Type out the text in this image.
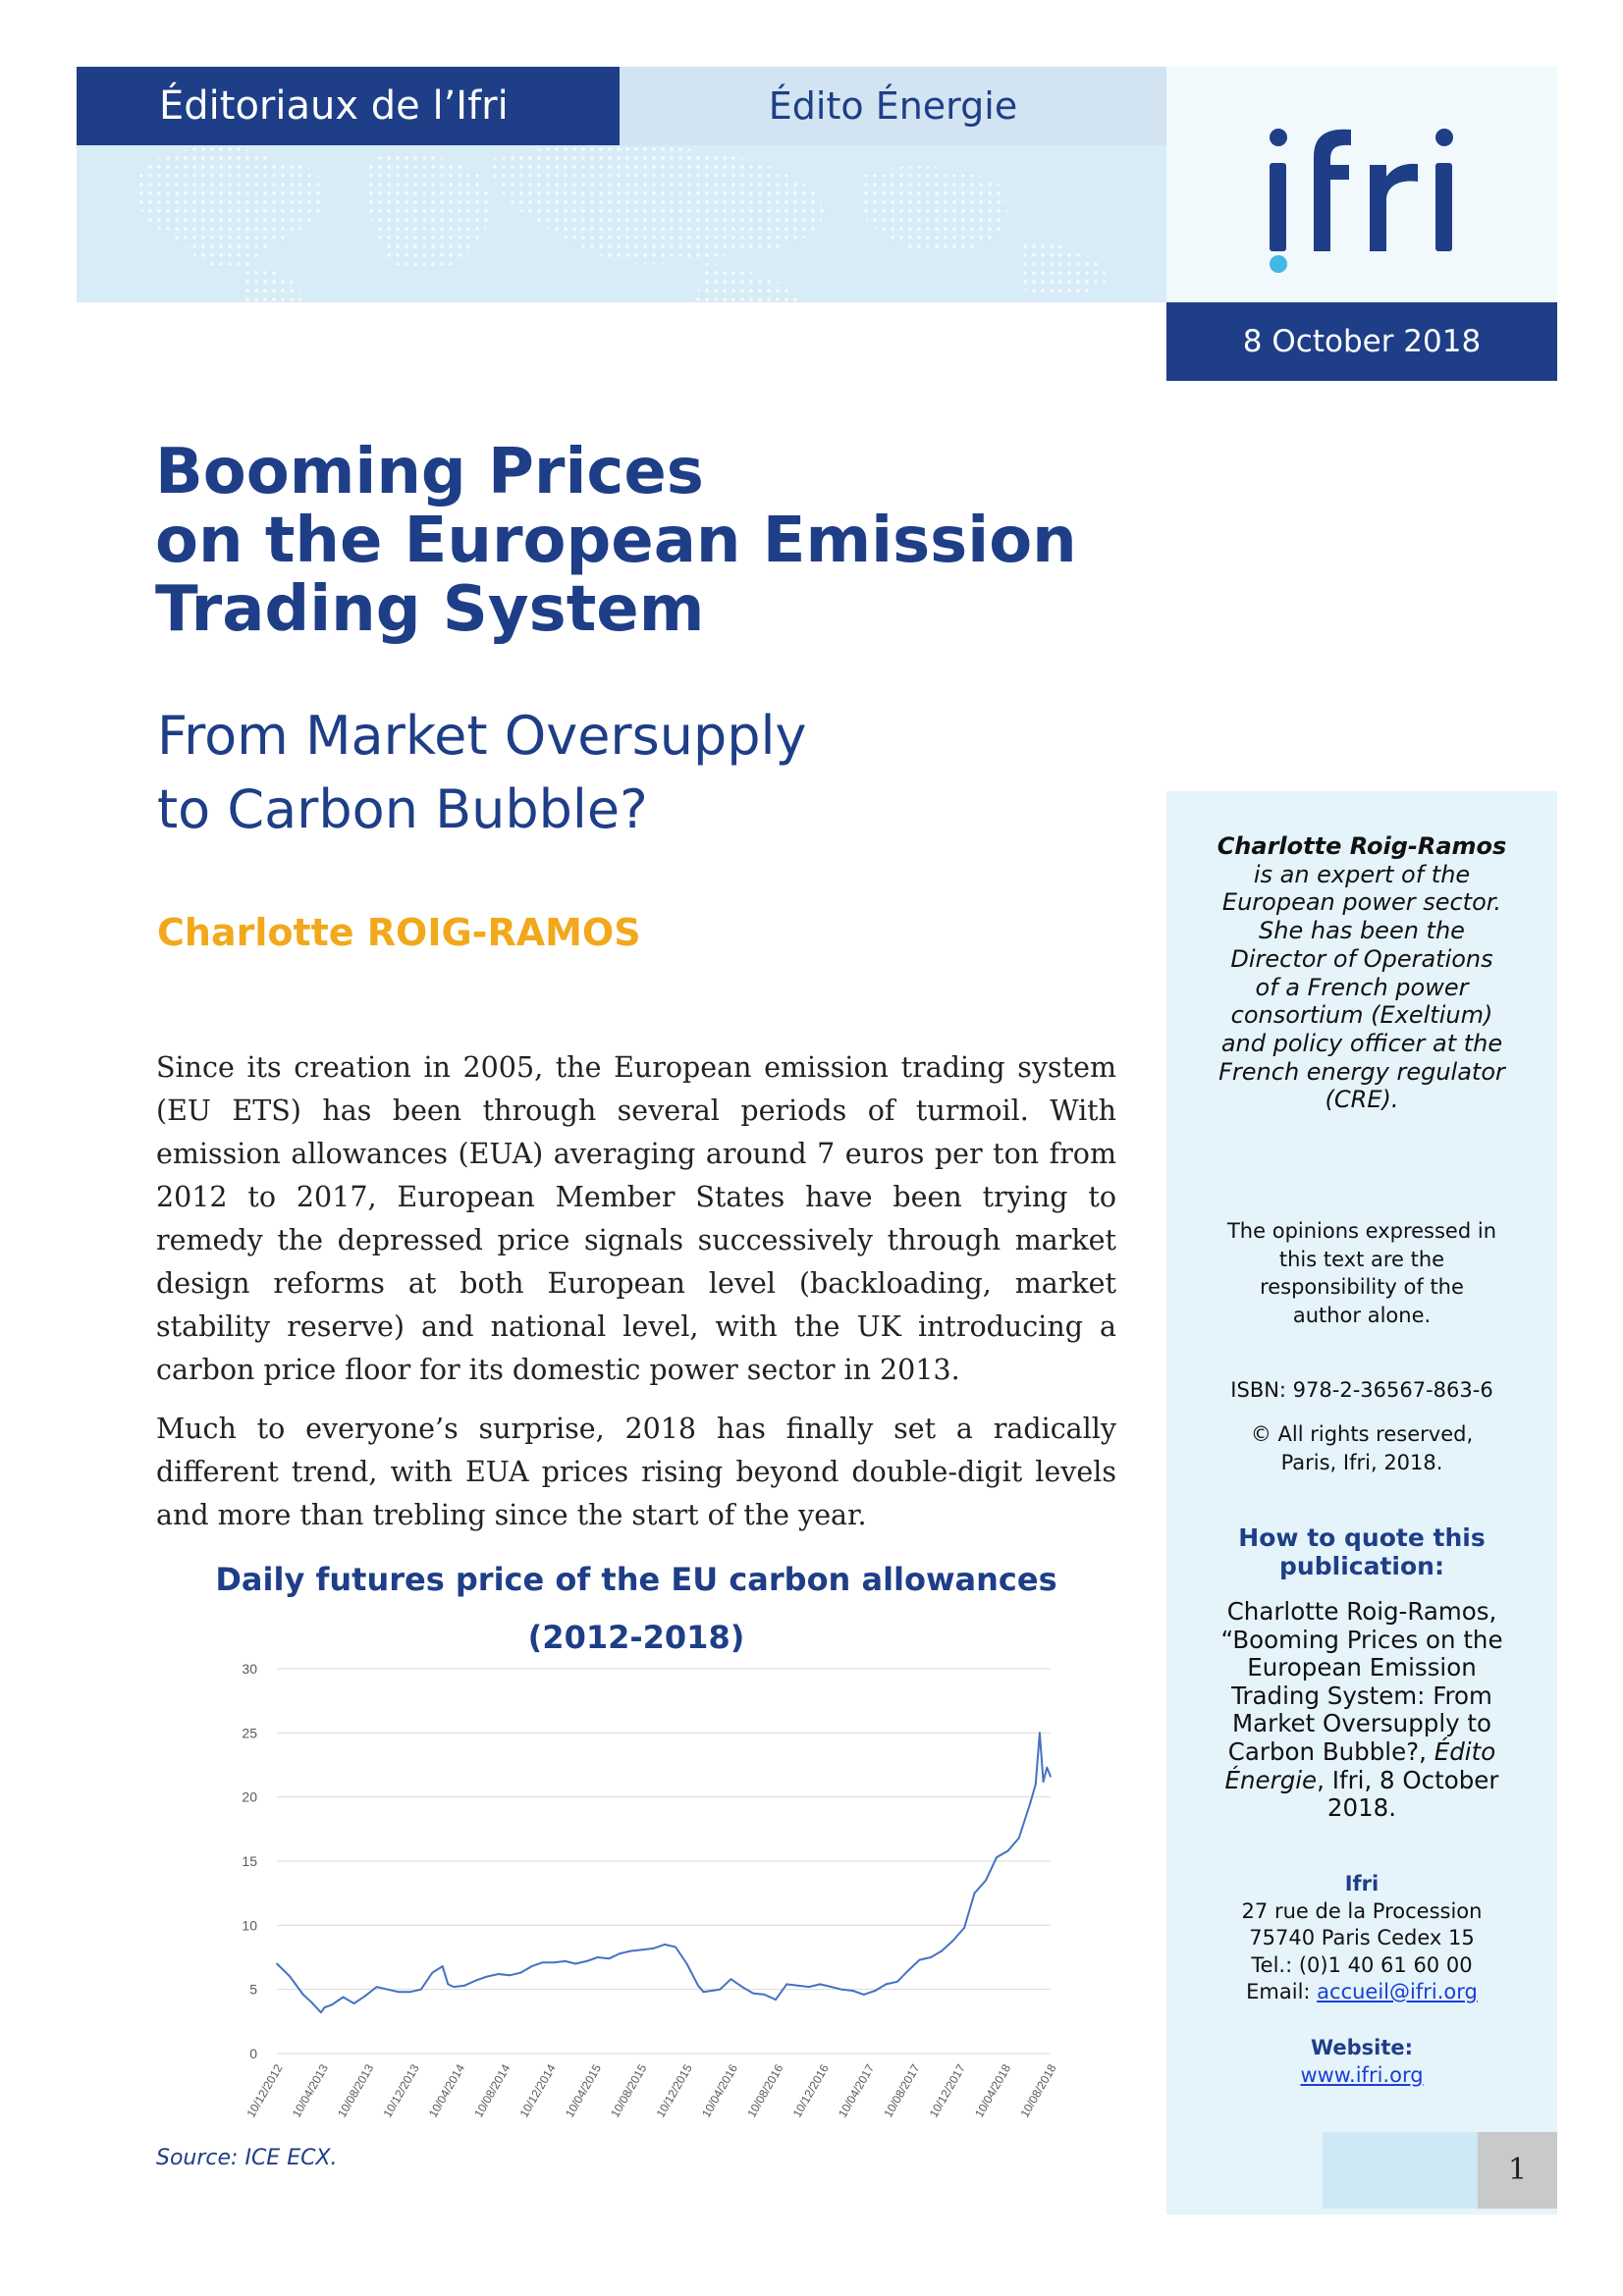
Éditoriaux de l’Ifri	Édito Énergie
8 October 2018
Booming Prices
on the European Emission
Trading System
From Market Oversupply
to Carbon Bubble?
Charlotte ROIG-RAMOS
Since its creation in 2005, the European emission trading system (EU ETS) has been through several periods of turmoil. With emission allowances (EUA) averaging around 7 euros per ton from 2012 to 2017, European Member States have been trying to remedy the depressed price signals successively through market design reforms at both European level (backloading, market stability reserve) and national level, with the UK introducing a carbon price floor for its domestic power sector in 2013.
Much to everyone’s surprise, 2018 has finally set a radically different trend, with EUA prices rising beyond double-digit levels and more than trebling since the start of the year.
Daily futures price of the EU carbon allowances
(2012-2018)
0
5
10
15
20
25
30
10/12/2012 10/04/2013 10/08/2013 10/12/2013 10/04/2014 10/08/2014 10/12/2014 10/04/2015 10/08/2015 10/12/2015 10/04/2016 10/08/2016 10/12/2016 10/04/2017 10/08/2017 10/12/2017 10/04/2018 10/08/2018
Source: ICE ECX.
Charlotte Roig-Ramos is an expert of the European power sector. She has been the Director of Operations of a French power consortium (Exeltium) and policy officer at the French energy regulator (CRE).
The opinions expressed in this text are the responsibility of the author alone.
ISBN: 978-2-36567-863-6
© All rights reserved, Paris, Ifri, 2018.
How to quote this publication:
Charlotte Roig-Ramos, “Booming Prices on the European Emission Trading System: From Market Oversupply to Carbon Bubble?, Édito Énergie, Ifri, 8 October 2018.
Ifri
27 rue de la Procession
75740 Paris Cedex 15
Tel.: (0)1 40 61 60 00
Email: accueil@ifri.org
Website:
www.ifri.org
1
